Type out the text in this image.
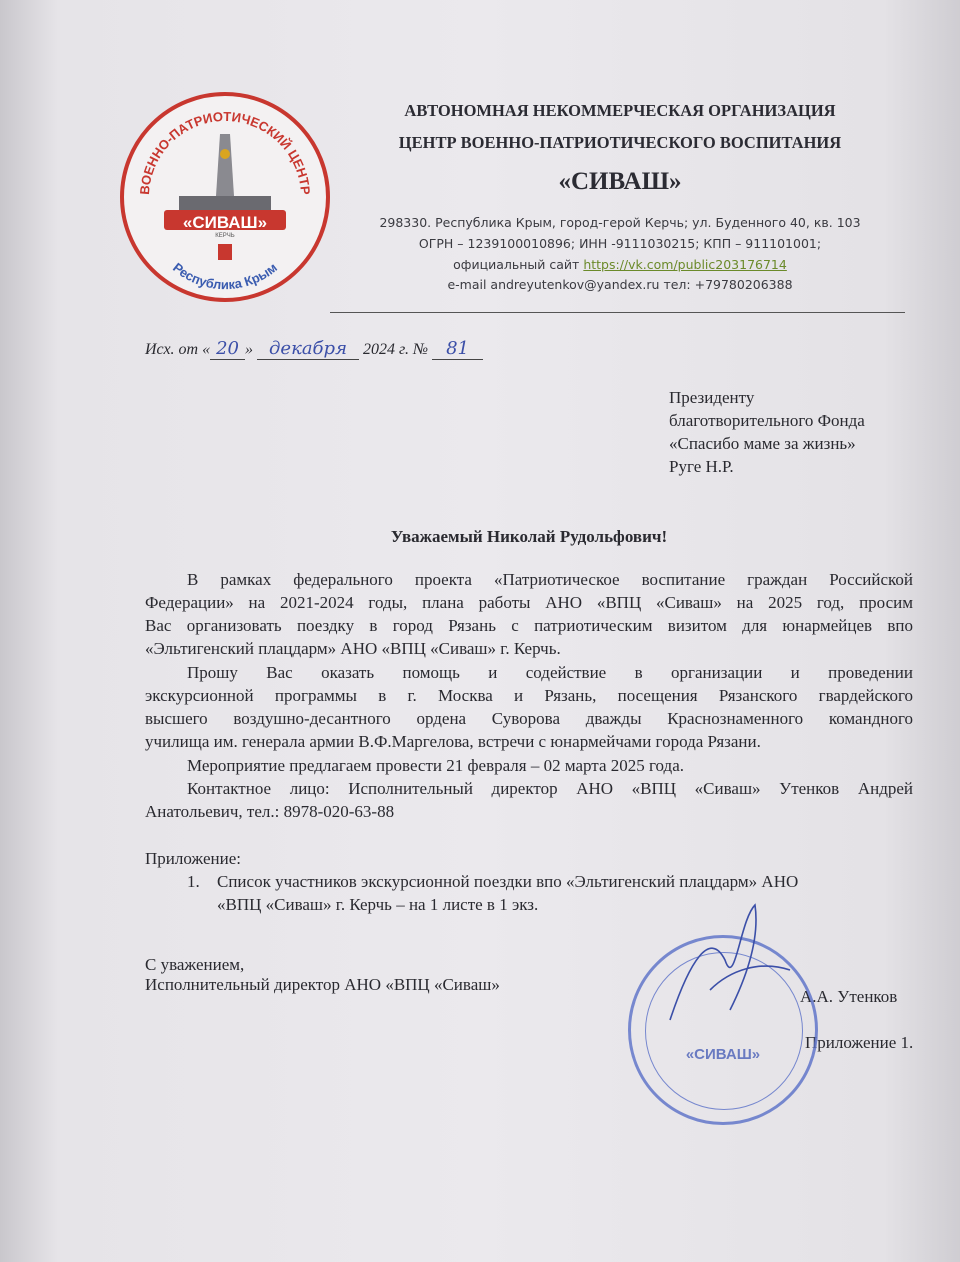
ВОЕННО-ПАТРИОТИЧЕСКИЙ ЦЕНТР
Республика Крым
«СИВАШ»
КЕРЧЬ
АВТОНОМНАЯ НЕКОММЕРЧЕСКАЯ ОРГАНИЗАЦИЯ
ЦЕНТР ВОЕННО-ПАТРИОТИЧЕСКОГО ВОСПИТАНИЯ
«СИВАШ»
298330. Республика Крым, город-герой Керчь; ул. Буденного 40, кв. 103
ОГРН – 1239100010896; ИНН -9111030215; КПП – 911101001;
официальный сайт https://vk.com/public203176714
e-mail andreyutenkov@yandex.ru тел: +79780206388
Исх. от « 20 » декабря 2024 г. № 81
Президенту
благотворительного Фонда
«Спасибо маме за жизнь»
Руге Н.Р.
Уважаемый Николай Рудольфович!
В рамках федерального проекта «Патриотическое воспитание граждан Российской
Федерации» на 2021-2024 годы, плана работы АНО «ВПЦ «Сиваш» на 2025 год, просим
Вас организовать поездку в город Рязань с патриотическим визитом для юнармейцев впо
«Эльтигенский плацдарм» АНО «ВПЦ «Сиваш» г. Керчь.
Прошу Вас оказать помощь и содействие в организации и проведении
экскурсионной программы в г. Москва и Рязань, посещения Рязанского гвардейского
высшего воздушно-десантного ордена Суворова дважды Краснознаменного командного
училища им. генерала армии В.Ф.Маргелова, встречи с юнармейчами города Рязани.
Мероприятие предлагаем провести 21 февраля – 02 марта 2025 года.
Контактное лицо: Исполнительный директор АНО «ВПЦ «Сиваш» Утенков Андрей
Анатольевич, тел.: 8978-020-63-88
Приложение:
1. Список участников экскурсионной поездки впо «Эльтигенский плацдарм» АНО
«ВПЦ «Сиваш» г. Керчь – на 1 листе в 1 экз.
С уважением,
Исполнительный директор АНО «ВПЦ «Сиваш»
А.А. Утенков
Приложение 1.
«СИВАШ»
